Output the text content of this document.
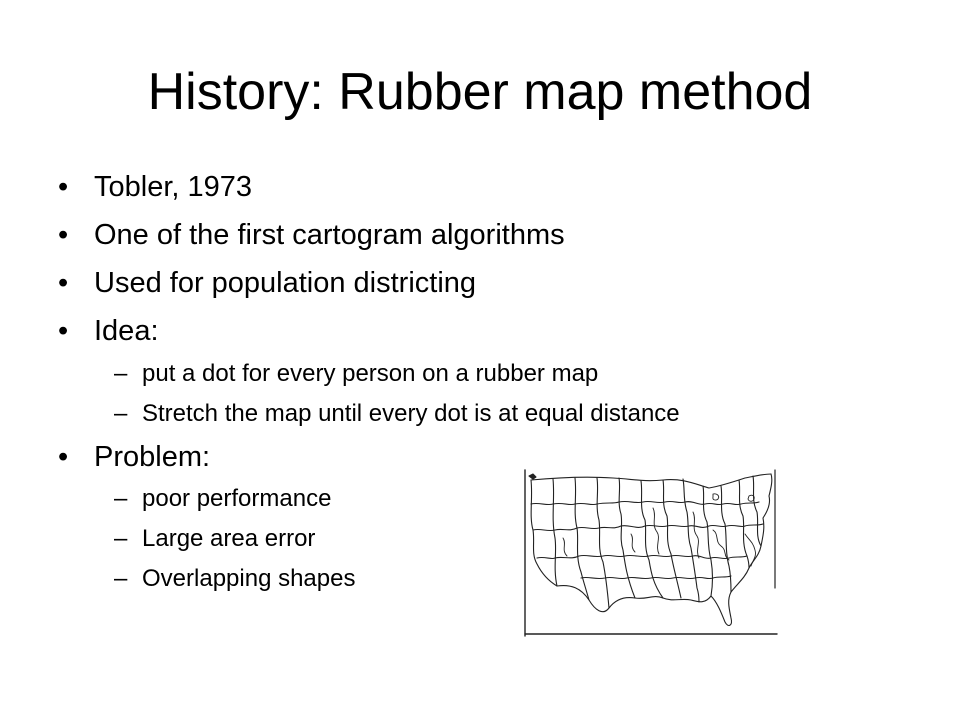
History: Rubber map method
• Tobler, 1973
• One of the first cartogram algorithms
• Used for population districting
• Idea:
– put a dot for every person on a rubber map
– Stretch the map until every dot is at equal distance
• Problem:
– poor performance
– Large area error
– Overlapping shapes
